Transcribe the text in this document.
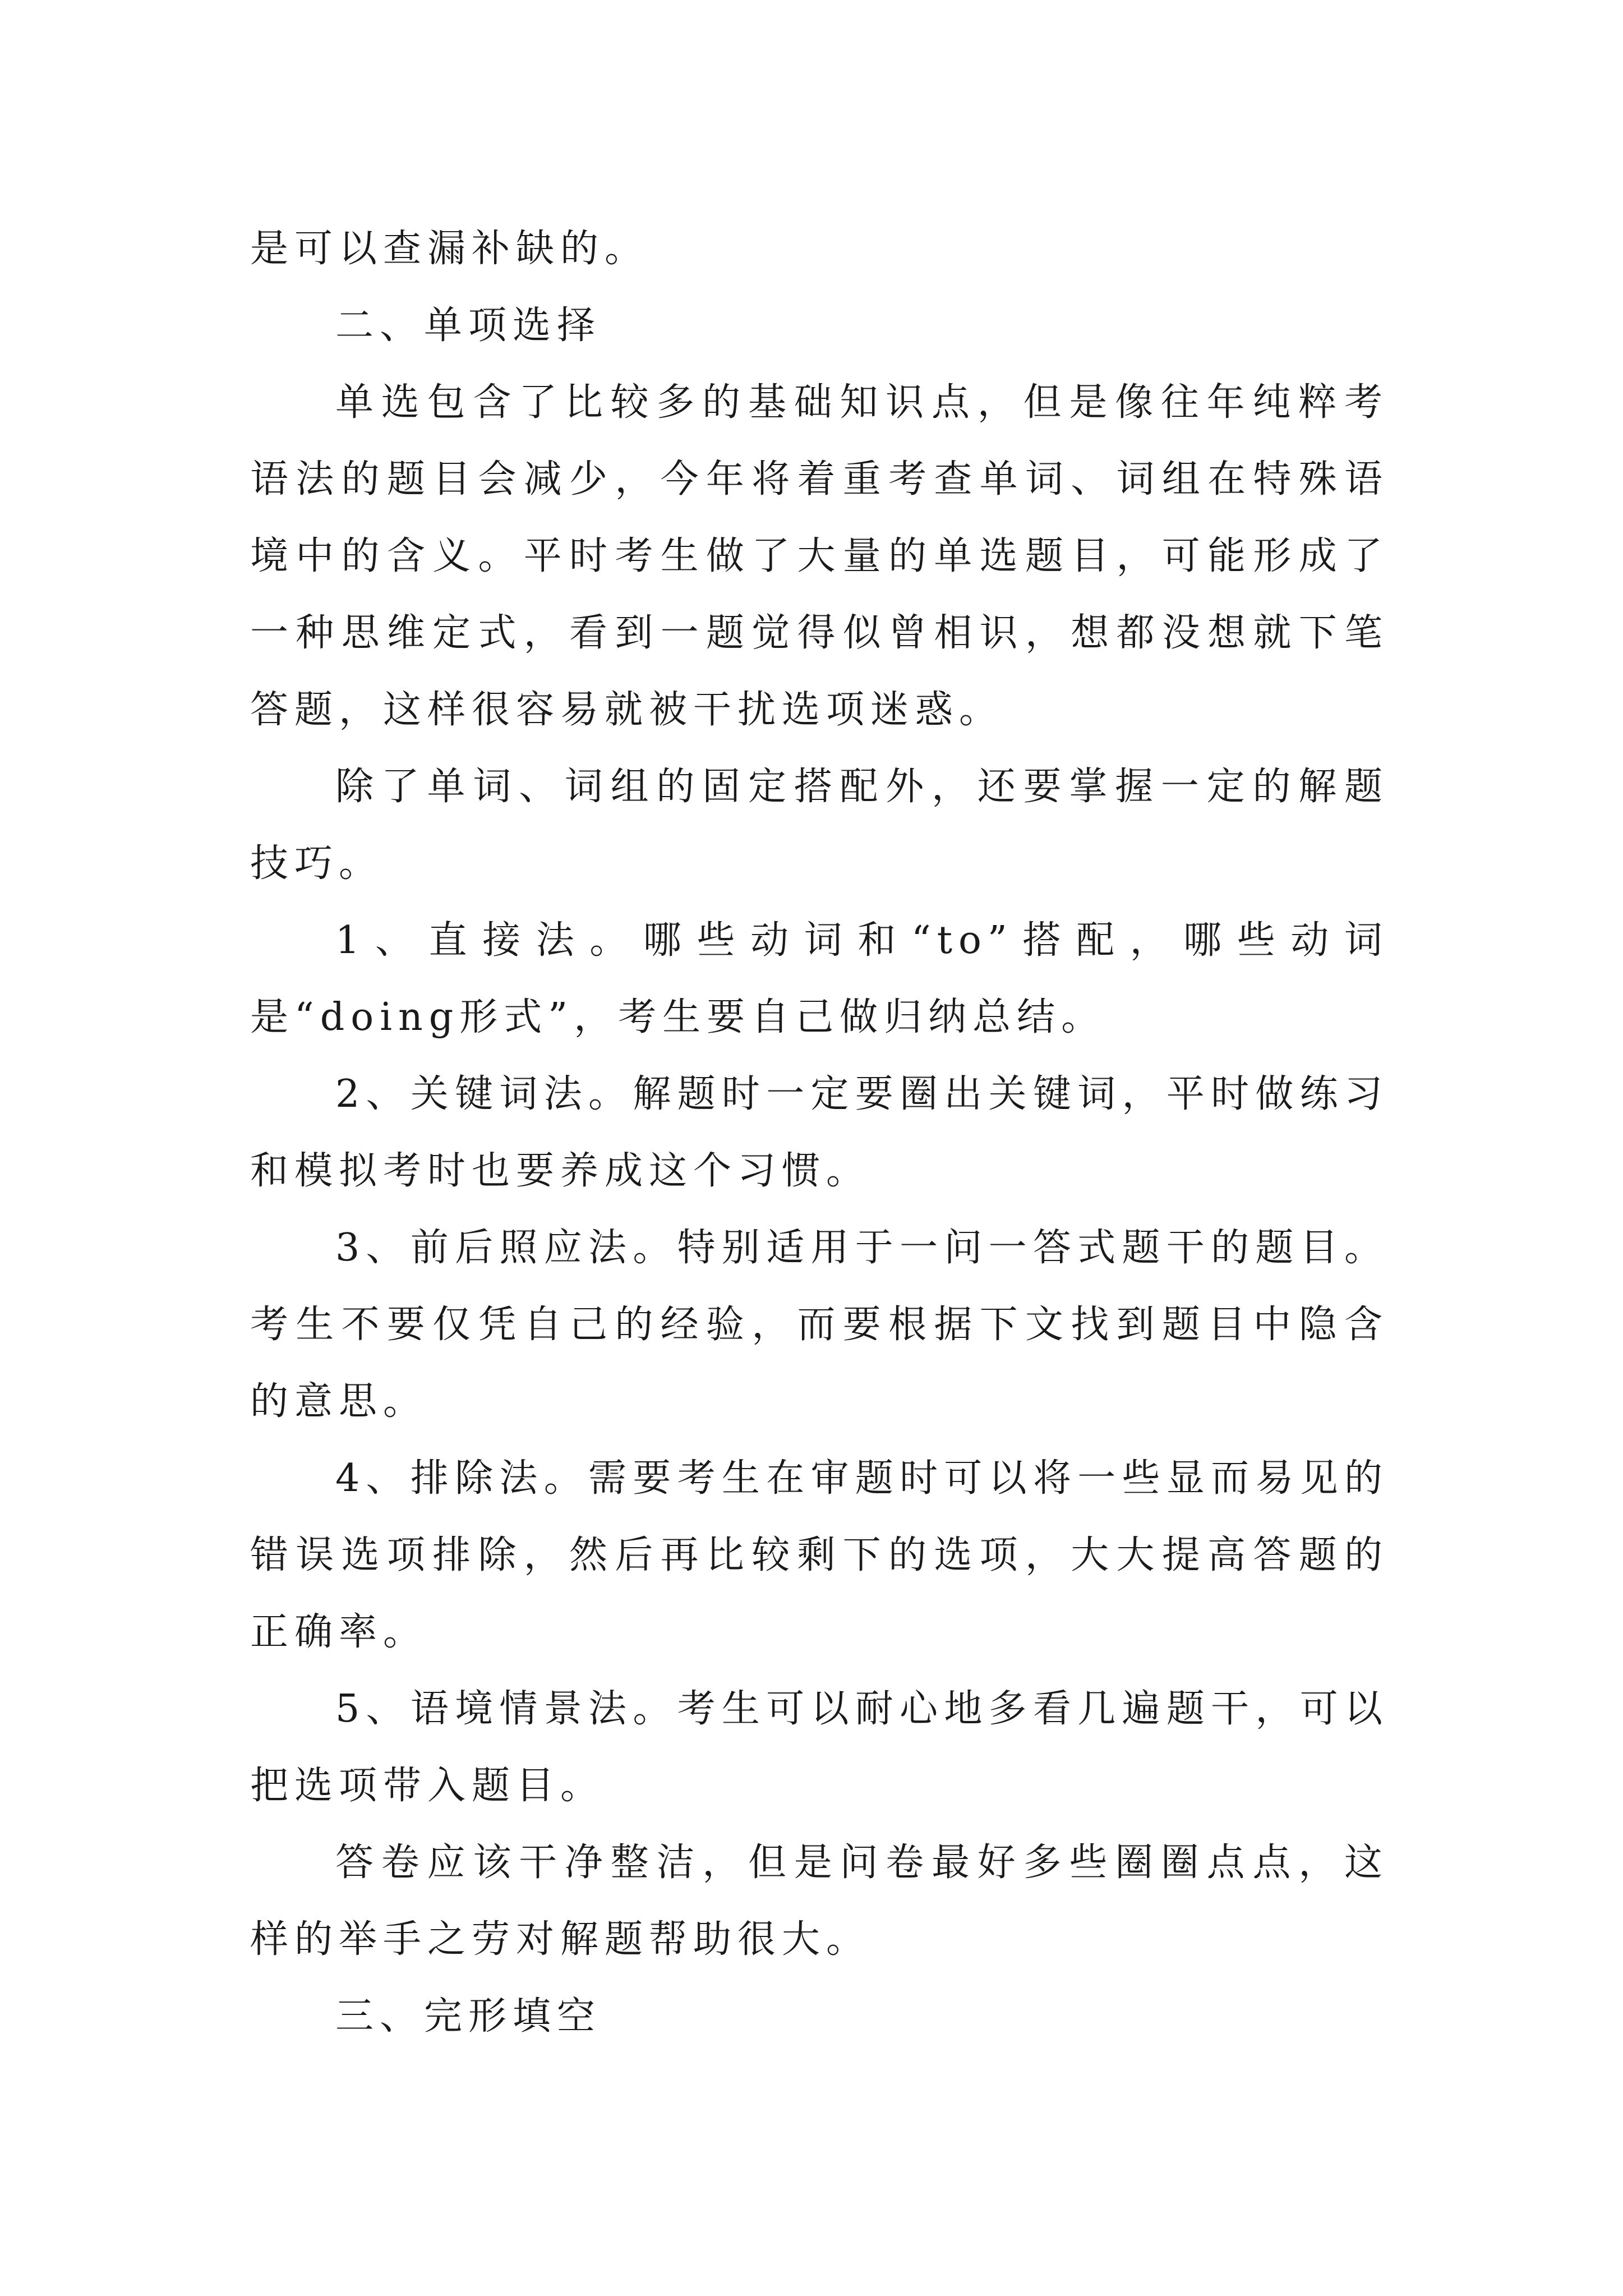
是可以查漏补缺的。

二、单项选择

单选包含了比较多的基础知识点，但是像往年纯粹考语法的题目会减少，今年将着重考查单词、词组在特殊语境中的含义。平时考生做了大量的单选题目，可能形成了一种思维定式，看到一题觉得似曾相识，想都没想就下笔答题，这样很容易就被干扰选项迷惑。

除了单词、词组的固定搭配外，还要掌握一定的解题技巧。

1、直接法。哪些动词和“to”搭配，哪些动词是“doing形式”，考生要自己做归纳总结。

2、关键词法。解题时一定要圈出关键词，平时做练习和模拟考时也要养成这个习惯。

3、前后照应法。特别适用于一问一答式题干的题目。考生不要仅凭自己的经验，而要根据下文找到题目中隐含的意思。

4、排除法。需要考生在审题时可以将一些显而易见的错误选项排除，然后再比较剩下的选项，大大提高答题的正确率。

5、语境情景法。考生可以耐心地多看几遍题干，可以把选项带入题目。

答卷应该干净整洁，但是问卷最好多些圈圈点点，这样的举手之劳对解题帮助很大。

三、完形填空
